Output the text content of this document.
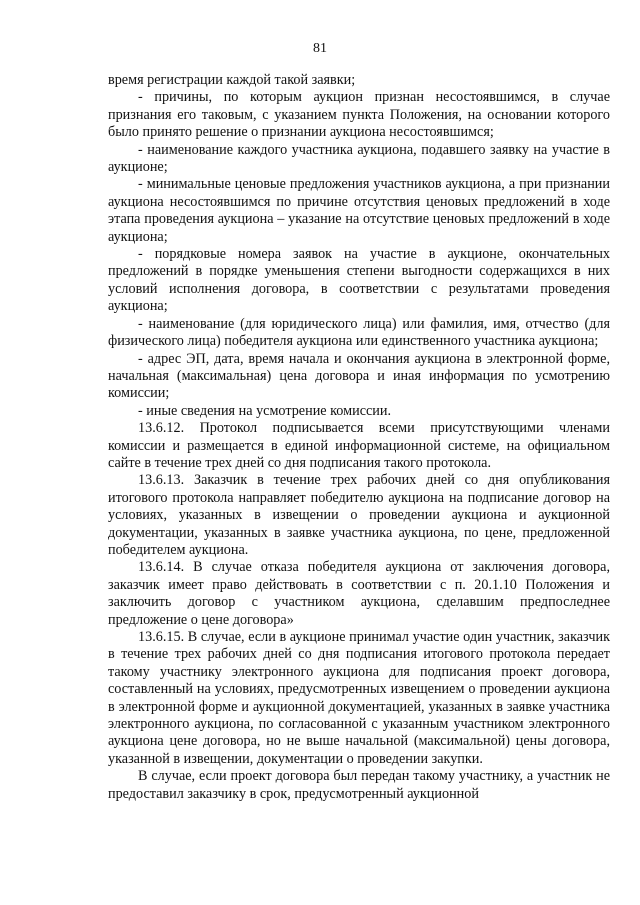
81

время регистрации каждой такой заявки;

- причины, по которым аукцион признан несостоявшимся, в случае признания его таковым, с указанием пункта Положения, на основании которого было принято решение о признании аукциона несостоявшимся;

- наименование каждого участника аукциона, подавшего заявку на участие в аукционе;

- минимальные ценовые предложения участников аукциона, а при признании аукциона несостоявшимся по причине отсутствия ценовых предложений в ходе этапа проведения аукциона – указание на отсутствие ценовых предложений в ходе аукциона;

- порядковые номера заявок на участие в аукционе, окончательных предложений в порядке уменьшения степени выгодности содержащихся в них условий исполнения договора, в соответствии с результатами проведения аукциона;

- наименование (для юридического лица) или фамилия, имя, отчество (для физического лица) победителя аукциона или единственного участника аукциона;

- адрес ЭП, дата, время начала и окончания аукциона в электронной форме, начальная (максимальная) цена договора и иная информация по усмотрению комиссии;

- иные сведения на усмотрение комиссии.

13.6.12. Протокол подписывается всеми присутствующими членами комиссии и размещается в единой информационной системе, на официальном сайте в течение трех дней со дня подписания такого протокола.

13.6.13. Заказчик в течение трех рабочих дней со дня опубликования итогового протокола направляет победителю аукциона на подписание договор на условиях, указанных в извещении о проведении аукциона и аукционной документации, указанных в заявке участника аукциона, по цене, предложенной победителем аукциона.

13.6.14. В случае отказа победителя аукциона от заключения договора, заказчик имеет право действовать в соответствии с п. 20.1.10 Положения и заключить договор с участником аукциона, сделавшим предпоследнее предложение о цене договора»

13.6.15. В случае, если в аукционе принимал участие один участник, заказчик в течение трех рабочих дней со дня подписания итогового протокола передает такому участнику электронного аукциона для подписания проект договора, составленный на условиях, предусмотренных извещением о проведении аукциона в электронной форме и аукционной документацией, указанных в заявке участника электронного аукциона, по согласованной с указанным участником электронного аукциона цене договора, но не выше начальной (максимальной) цены договора, указанной в извещении, документации о проведении закупки.

В случае, если проект договора был передан такому участнику, а участник не предоставил заказчику в срок, предусмотренный аукционной
